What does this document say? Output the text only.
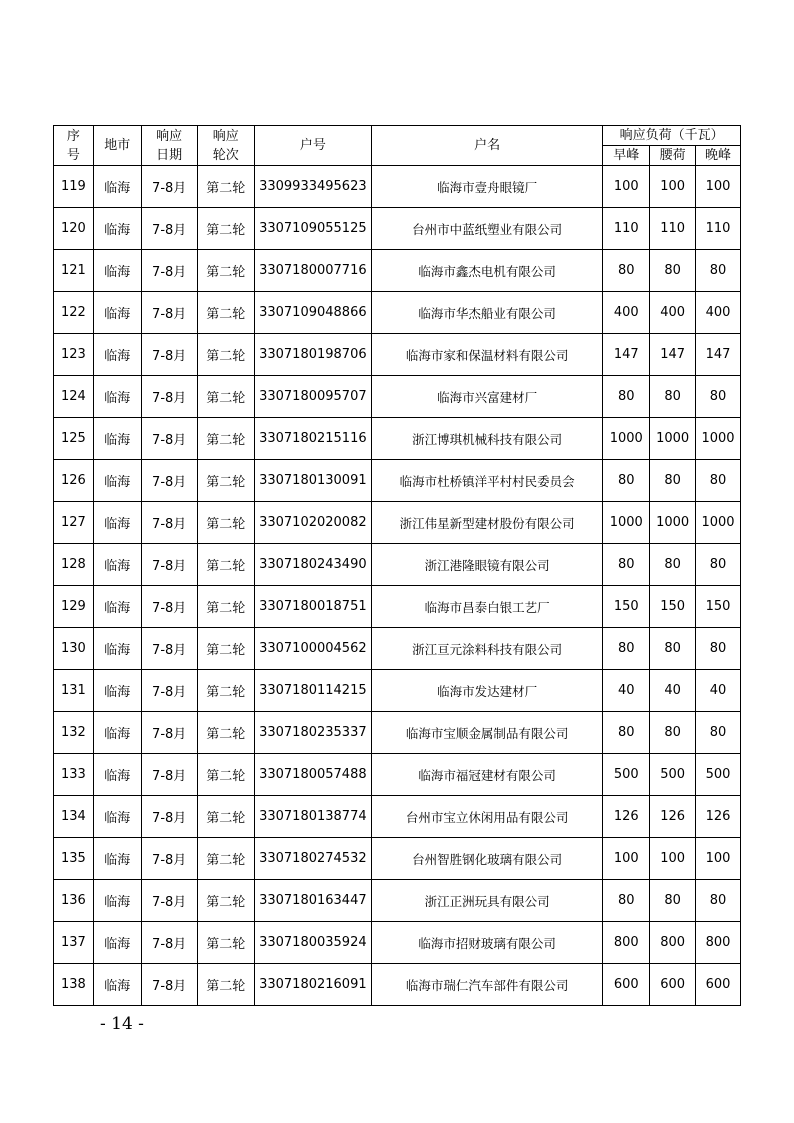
序号	地市	响应日期	响应轮次	户号	户名	响应负荷（千瓦）		
						早峰	腰荷	晚峰
119	临海	7-8月	第二轮	3309933495623	临海市壹舟眼镜厂	100	100	100
120	临海	7-8月	第二轮	3307109055125	台州市中蓝纸塑业有限公司	110	110	110
121	临海	7-8月	第二轮	3307180007716	临海市鑫杰电机有限公司	80	80	80
122	临海	7-8月	第二轮	3307109048866	临海市华杰船业有限公司	400	400	400
123	临海	7-8月	第二轮	3307180198706	临海市家和保温材料有限公司	147	147	147
124	临海	7-8月	第二轮	3307180095707	临海市兴富建材厂	80	80	80
125	临海	7-8月	第二轮	3307180215116	浙江博琪机械科技有限公司	1000	1000	1000
126	临海	7-8月	第二轮	3307180130091	临海市杜桥镇洋平村村民委员会	80	80	80
127	临海	7-8月	第二轮	3307102020082	浙江伟星新型建材股份有限公司	1000	1000	1000
128	临海	7-8月	第二轮	3307180243490	浙江港隆眼镜有限公司	80	80	80
129	临海	7-8月	第二轮	3307180018751	临海市昌泰白银工艺厂	150	150	150
130	临海	7-8月	第二轮	3307100004562	浙江亘元涂料科技有限公司	80	80	80
131	临海	7-8月	第二轮	3307180114215	临海市发达建材厂	40	40	40
132	临海	7-8月	第二轮	3307180235337	临海市宝顺金属制品有限公司	80	80	80
133	临海	7-8月	第二轮	3307180057488	临海市福冠建材有限公司	500	500	500
134	临海	7-8月	第二轮	3307180138774	台州市宝立休闲用品有限公司	126	126	126
135	临海	7-8月	第二轮	3307180274532	台州智胜钢化玻璃有限公司	100	100	100
136	临海	7-8月	第二轮	3307180163447	浙江正洲玩具有限公司	80	80	80
137	临海	7-8月	第二轮	3307180035924	临海市招财玻璃有限公司	800	800	800
138	临海	7-8月	第二轮	3307180216091	临海市瑞仁汽车部件有限公司	600	600	600
- 14 -
